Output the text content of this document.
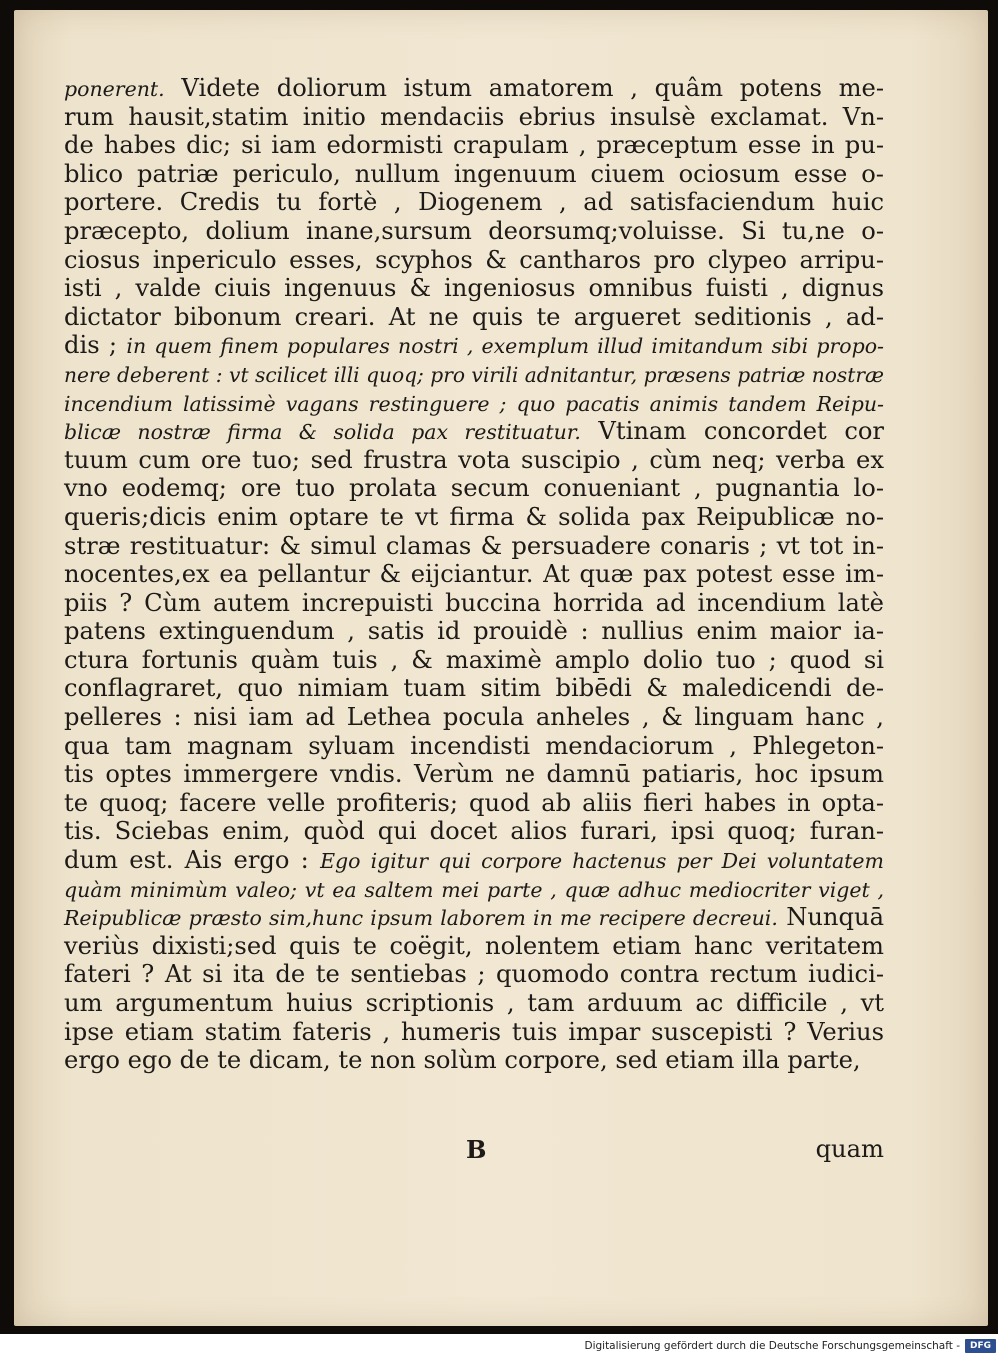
ponerent. Videte doliorum istum amatorem , quâm potens me-
rum hausit,statim initio mendaciis ebrius insulsè exclamat. Vn-
de habes dic; si iam edormisti crapulam , præceptum esse in pu-
blico patriæ periculo, nullum ingenuum ciuem ociosum esse o-
portere. Credis tu fortè , Diogenem , ad satisfaciendum huic
præcepto, dolium inane,sursum deorsumq;voluisse. Si tu,ne o-
ciosus inpericulo esses, scyphos & cantharos pro clypeo arripu-
isti , valde ciuis ingenuus & ingeniosus omnibus fuisti , dignus
dictator bibonum creari. At ne quis te argueret seditionis , ad-
dis ; in quem finem populares nostri , exemplum illud imitandum sibi propo-
nere deberent : vt scilicet illi quoq; pro virili adnitantur, præsens patriæ nostræ
incendium latissimè vagans restinguere ; quo pacatis animis tandem Reipu-
blicæ nostræ firma & solida pax restituatur. Vtinam concordet cor
tuum cum ore tuo; sed frustra vota suscipio , cùm neq; verba ex
vno eodemq; ore tuo prolata secum conueniant , pugnantia lo-
queris;dicis enim optare te vt firma & solida pax Reipublicæ no-
stræ restituatur: & simul clamas & persuadere conaris ; vt tot in-
nocentes,ex ea pellantur & eijciantur. At quæ pax potest esse im-
piis ? Cùm autem increpuisti buccina horrida ad incendium latè
patens extinguendum , satis id prouidè : nullius enim maior ia-
ctura fortunis quàm tuis , & maximè amplo dolio tuo ; quod si
conflagraret, quo nimiam tuam sitim bibēdi & maledicendi de-
pelleres : nisi iam ad Lethea pocula anheles , & linguam hanc ,
qua tam magnam syluam incendisti mendaciorum , Phlegeton-
tis optes immergere vndis. Verùm ne damnū patiaris, hoc ipsum
te quoq; facere velle profiteris; quod ab aliis fieri habes in opta-
tis. Sciebas enim, quòd qui docet alios furari, ipsi quoq; furan-
dum est. Ais ergo : Ego igitur qui corpore hactenus per Dei voluntatem
quàm minimùm valeo; vt ea saltem mei parte , quæ adhuc mediocriter viget ,
Reipublicæ præsto sim,hunc ipsum laborem in me recipere decreui. Nunquā
veriùs dixisti;sed quis te coëgit, nolentem etiam hanc veritatem
fateri ? At si ita de te sentiebas ; quomodo contra rectum iudici-
um argumentum huius scriptionis , tam arduum ac difficile , vt
ipse etiam statim fateris , humeris tuis impar suscepisti ? Verius
ergo ego de te dicam, te non solùm corpore, sed etiam illa parte,
B	quam
Digitalisierung gefördert durch die Deutsche Forschungsgemeinschaft -	DFG
